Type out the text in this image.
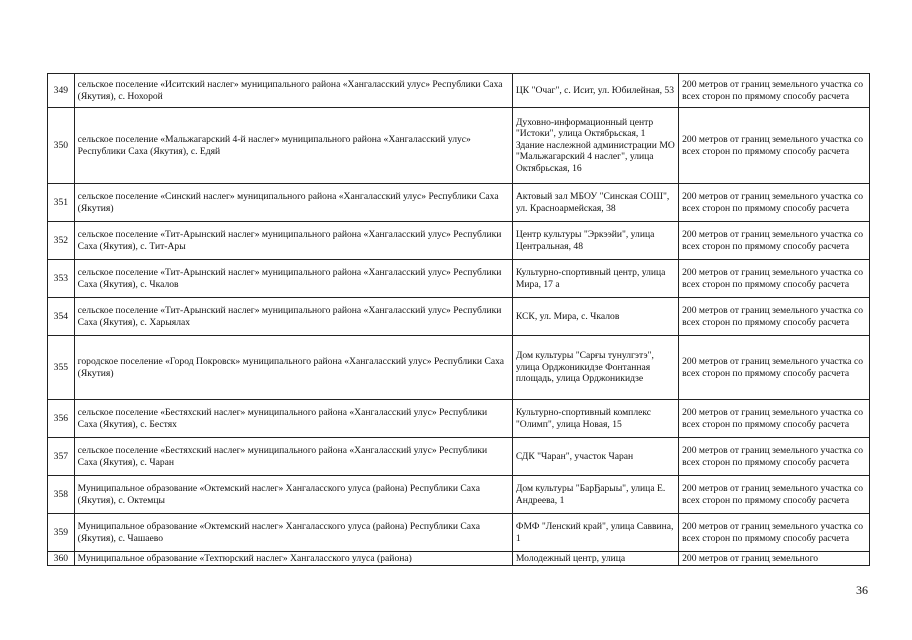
349	сельское поселение «Иситский наслег» муниципального района «Хангаласский улус» Республики Саха (Якутия), с. Нохорой	ЦК "Очаг", с. Исит, ул. Юбилейная, 53	200 метров от границ земельного участка со всех сторон по прямому способу расчета
350	сельское поселение «Мальжагарский 4-й наслег» муниципального района «Хангаласский улус» Республики Саха (Якутия), с. Едяй	Духовно-информационный центр "Истоки", улица Октябрьская, 1 Здание наслежной администрации МО "Мальжагарский 4 наслег", улица Октябрьская, 16	200 метров от границ земельного участка со всех сторон по прямому способу расчета
351	сельское поселение «Синский наслег» муниципального района «Хангаласский улус» Республики Саха (Якутия)	Актовый зал МБОУ "Синская СОШ", ул. Красноармейская, 38	200 метров от границ земельного участка со всех сторон по прямому способу расчета
352	сельское поселение «Тит-Арынский наслег» муниципального района «Хангаласский улус» Республики Саха (Якутия), с. Тит-Ары	Центр культуры "Эркээйи", улица Центральная, 48	200 метров от границ земельного участка со всех сторон по прямому способу расчета
353	сельское поселение «Тит-Арынский наслег» муниципального района «Хангаласский улус» Республики Саха (Якутия), с. Чкалов	Культурно-спортивный центр, улица Мира, 17 а	200 метров от границ земельного участка со всех сторон по прямому способу расчета
354	сельское поселение «Тит-Арынский наслег» муниципального района «Хангаласский улус» Республики Саха (Якутия), с. Харыялах	КСК, ул. Мира, с. Чкалов	200 метров от границ земельного участка со всех сторон по прямому способу расчета
355	городское поселение «Город Покровск» муниципального района «Хангаласский улус» Республики Саха (Якутия)	Дом культуры "Сарғы тунулгэтэ", улица Орджоникидзе Фонтанная площадь, улица Орджоникидзе	200 метров от границ земельного участка со всех сторон по прямому способу расчета
356	сельское поселение «Бестяхский наслег» муниципального района «Хангаласский улус» Республики Саха (Якутия), с. Бестях	Культурно-спортивный комплекс "Олимп", улица Новая, 15	200 метров от границ земельного участка со всех сторон по прямому способу расчета
357	сельское поселение «Бестяхский наслег» муниципального района «Хангаласский улус» Республики Саха (Якутия), с. Чаран	СДК "Чаран", участок Чаран	200 метров от границ земельного участка со всех сторон по прямому способу расчета
358	Муниципальное образование «Октемский наслег» Хангаласского улуса (района) Республики Саха (Якутия), с. Октемцы	Дом культуры "БарҔарыы", улица Е. Андреева, 1	200 метров от границ земельного участка со всех сторон по прямому способу расчета
359	Муниципальное образование «Октемский наслег» Хангаласского улуса (района) Республики Саха (Якутия), с. Чашаево	ФМФ "Ленский край", улица Саввина, 1	200 метров от границ земельного участка со всех сторон по прямому способу расчета
360	Муниципальное образование «Техтюрский наслег» Хангаласского улуса (района)	Молодежный центр, улица	200 метров от границ земельного
36
